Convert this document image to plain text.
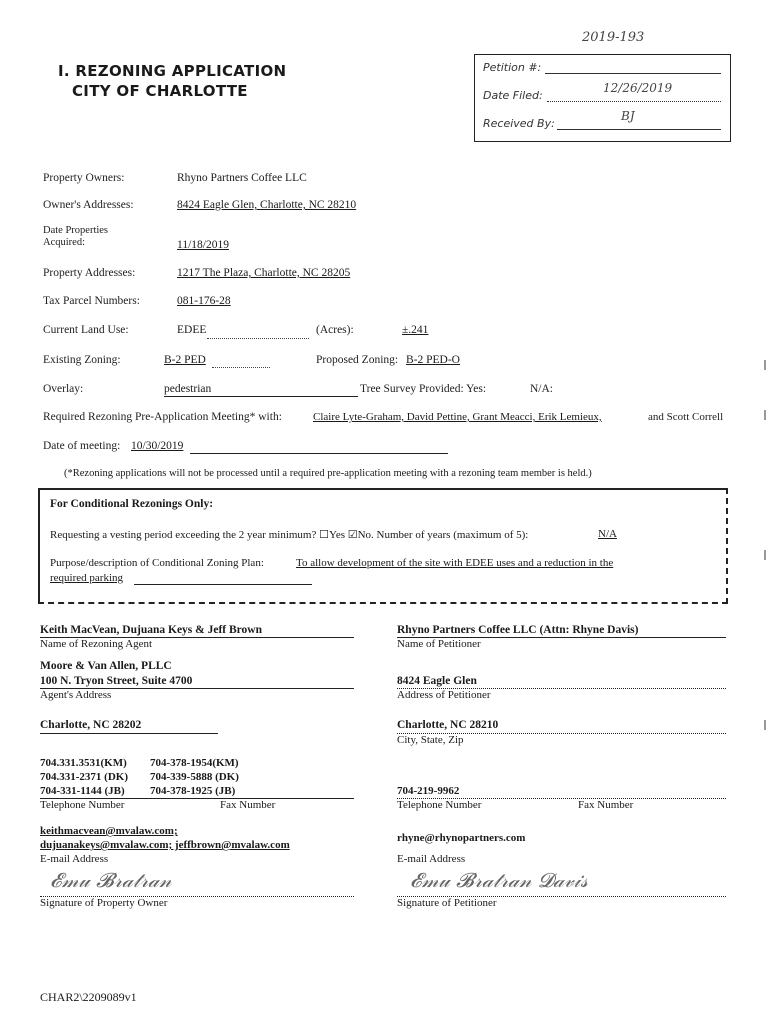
2019-193
I. REZONING APPLICATION
CITY OF CHARLOTTE
Petition #:
Date Filed:
12/26/2019
Received By:
BJ
Property Owners:	Rhyno Partners Coffee LLC
Owner's Addresses:	8424 Eagle Glen, Charlotte, NC 28210
Date Properties
Acquired:	11/18/2019
Property Addresses:	1217 The Plaza, Charlotte, NC 28205
Tax Parcel Numbers:	081-176-28
Current Land Use:	EDEE	(Acres):	±.241
Existing Zoning:	B-2 PED	Proposed Zoning: B-2 PED-O
Overlay:	pedestrian	Tree Survey Provided: Yes:	N/A:
Required Rezoning Pre-Application Meeting* with:	Claire Lyte-Graham, David Pettine, Grant Meacci, Erik Lemieux,	and Scott Correll
Date of meeting: 10/30/2019
(*Rezoning applications will not be processed until a required pre-application meeting with a rezoning team member is held.)
For Conditional Rezonings Only:
Requesting a vesting period exceeding the 2 year minimum? ☐Yes ☑No. Number of years (maximum of 5):	N/A
Purpose/description of Conditional Zoning Plan:	To allow development of the site with EDEE uses and a reduction in the
required parking
Keith MacVean, Dujuana Keys & Jeff Brown
Name of Rezoning Agent
Moore & Van Allen, PLLC
100 N. Tryon Street, Suite 4700
Agent's Address
Charlotte, NC 28202
704.331.3531(KM) 704-378-1954(KM)
704.331-2371 (DK) 704-339-5888 (DK)
704-331-1144 (JB) 704-378-1925 (JB)
Telephone Number	Fax Number
keithmacvean@mvalaw.com;
dujuanakeys@mvalaw.com; jeffbrown@mvalaw.com
E-mail Address
𝓔𝓂𝓊 𝓑𝓇𝒶𝓉𝓇𝒶𝓃
Signature of Property Owner
Rhyno Partners Coffee LLC (Attn: Rhyne Davis)
Name of Petitioner
8424 Eagle Glen
Address of Petitioner
Charlotte, NC 28210
City, State, Zip
704-219-9962
Telephone Number	Fax Number
rhyne@rhynopartners.com
E-mail Address
𝓔𝓂𝓊 𝓑𝓇𝒶𝓉𝓇𝒶𝓃 𝓓𝒶𝓋𝒾𝓈
Signature of Petitioner
CHAR2\2209089v1
